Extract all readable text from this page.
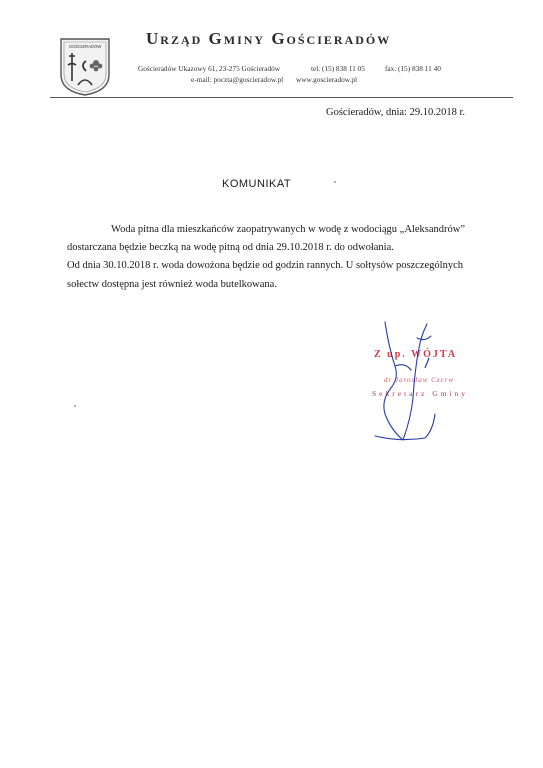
GOŚCIERADÓW	Urząd Gminy Gościeradów
Gościeradów Ukazowy 61, 23-275 Gościeradów	tel. (15) 838 11 05	fax. (15) 838 11 40
e-mail: poczta@goscieradow.pl www.goscieradow.pl
Gościeradów, dnia: 29.10.2018 r.
KOMUNIKAT
Woda pitna dla mieszkańców zaopatrywanych w wodę z wodociągu „Aleksandrów”
dostarczana będzie beczką na wodę pitną od dnia 29.10.2018 r. do odwołania.
Od dnia 30.10.2018 r. woda dowożona będzie od godzin rannych. U sołtysów poszczególnych
sołectw dostępna jest również woda butelkowana.
Z up. WÓJTA
dr Jarosław Czerw
Sekretarz Gminy
